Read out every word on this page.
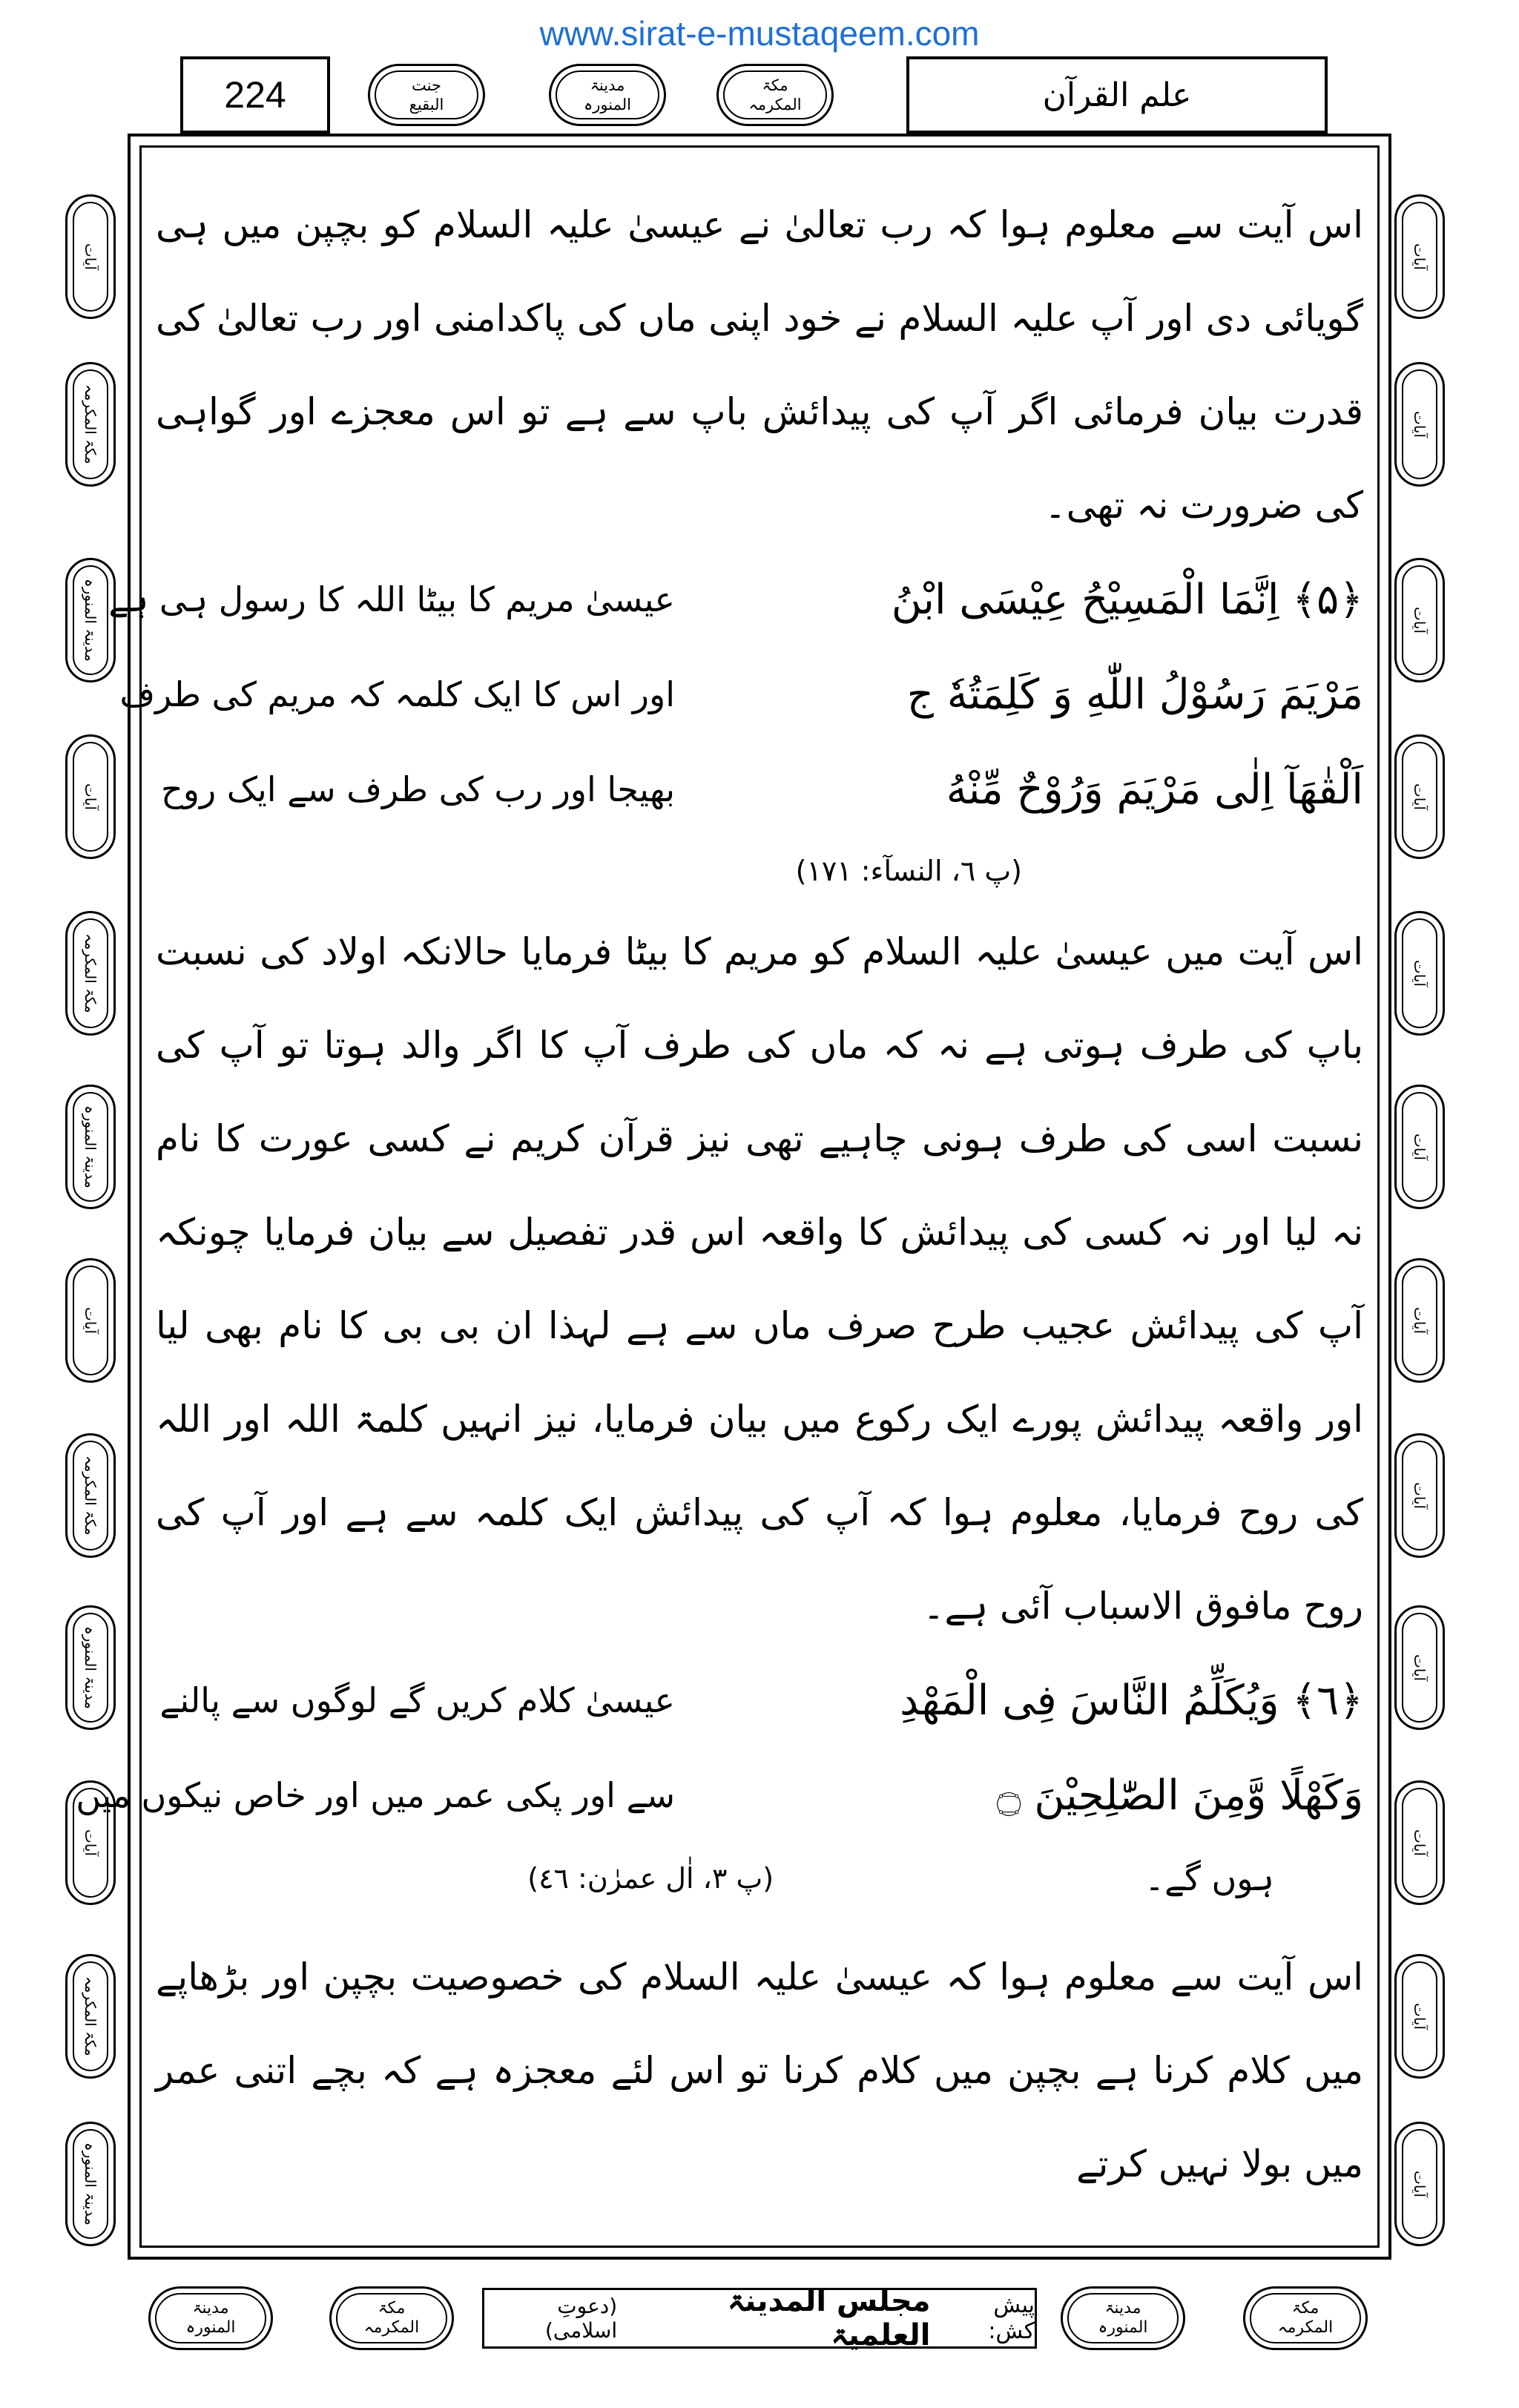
www.sirat-e-mustaqeem.com
224	جنت
البقیع
مدینۃ
المنورہ
مکۃ
المکرمہ	علم القرآن
آیات
مکۃ المکرمہ
مدینۃ المنورہ
آیات
مکۃ المکرمہ
مدینۃ المنورہ
آیات
مکۃ المکرمہ
مدینۃ المنورہ
آیات
مکۃ المکرمہ
مدینۃ المنورہ
آیات
آیات
آیات
آیات
آیات
آیات
آیات
آیات
آیات
آیات
آیات
آیات

اس آیت سے معلوم ہوا کہ رب تعالیٰ نے عیسیٰ علیہ السلام کو بچپن میں ہی گویائی دی اور آپ علیہ السلام نے خود اپنی ماں کی پاکدامنی اور رب تعالیٰ کی قدرت بیان فرمائی اگر آپ کی پیدائش باپ سے ہے تو اس معجزے اور گواہی کی ضرورت نہ تھی۔

﴿۵﴾ اِنَّمَا الْمَسِيْحُ عِيْسَى ابْنُ
عیسیٰ مریم کا بیٹا اللہ کا رسول ہی ہے
مَرْيَمَ رَسُوْلُ اللّٰهِ وَ كَلِمَتُهٗ ج
اور اس کا ایک کلمہ کہ مریم کی طرف
اَلْقٰهَآ اِلٰى مَرْيَمَ وَرُوْحٌ مِّنْهُ
بھیجا اور رب کی طرف سے ایک روح
(پ ٦، النسآء: ١٧١)

اس آیت میں عیسیٰ علیہ السلام کو مریم کا بیٹا فرمایا حالانکہ اولاد کی نسبت باپ کی طرف ہوتی ہے نہ کہ ماں کی طرف آپ کا اگر والد ہوتا تو آپ کی نسبت اسی کی طرف ہونی چاہیے تھی نیز قرآن کریم نے کسی عورت کا نام نہ لیا اور نہ کسی کی پیدائش کا واقعہ اس قدر تفصیل سے بیان فرمایا چونکہ آپ کی پیدائش عجیب طرح صرف ماں سے ہے لہذا ان بی بی کا نام بھی لیا اور واقعہ پیدائش پورے ایک رکوع میں بیان فرمایا، نیز انہیں کلمۃ اللہ اور اللہ کی روح فرمایا، معلوم ہوا کہ آپ کی پیدائش ایک کلمہ سے ہے اور آپ کی روح مافوق الاسباب آئی ہے۔

﴿٦﴾ وَيُكَلِّمُ النَّاسَ فِى الْمَهْدِ
عیسیٰ کلام کریں گے لوگوں سے پالنے
وَكَهْلًا وَّمِنَ الصّٰلِحِيْنَ ۝
سے اور پکی عمر میں اور خاص نیکوں میں
ہوں گے۔
(پ ٣، اٰل عمرٰن: ٤٦)

اس آیت سے معلوم ہوا کہ عیسیٰ علیہ السلام کی خصوصیت بچپن اور بڑھاپے میں کلام کرنا ہے بچپن میں کلام کرنا تو اس لئے معجزہ ہے کہ بچے اتنی عمر میں بولا نہیں کرتے

مدینۃ
المنورہ
مکۃ
المکرمہ
پیش کش:
مجلس المدینۃ العلمیۃ
(دعوتِ اسلامی)
مدینۃ
المنورہ
مکۃ
المکرمہ
